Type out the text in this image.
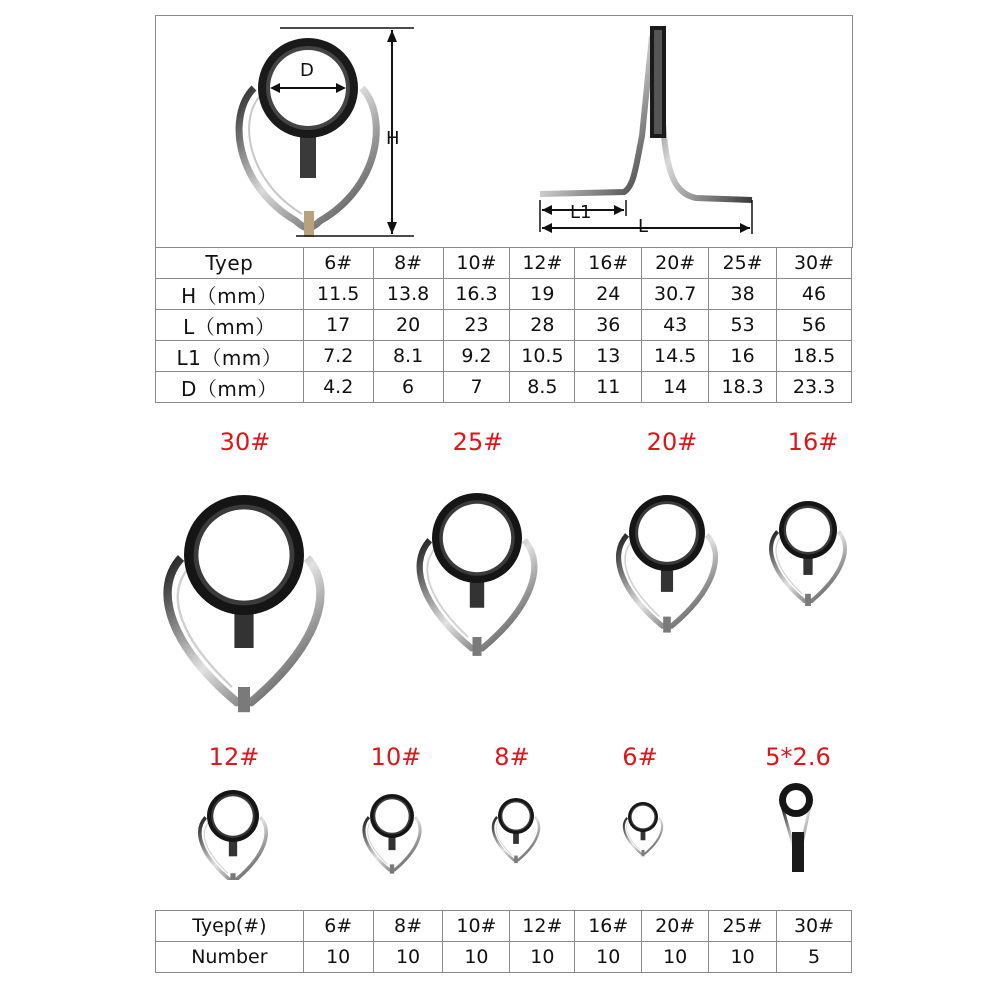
D
H
L1
L
Tyep	6#	8#	10#	12#	16#	20#	25#	30#
H（mm）	11.5	13.8	16.3	19	24	30.7	38	46
L（mm）	17	20	23	28	36	43	53	56
L1（mm）	7.2	8.1	9.2	10.5	13	14.5	16	18.5
D（mm）	4.2	6	7	8.5	11	14	18.3	23.3
30#	25#	20#	16#
12#	10#	8#	6#	5*2.6
Tyep(#)	6#	8#	10#	12#	16#	20#	25#	30#
Number	10	10	10	10	10	10	10	5
